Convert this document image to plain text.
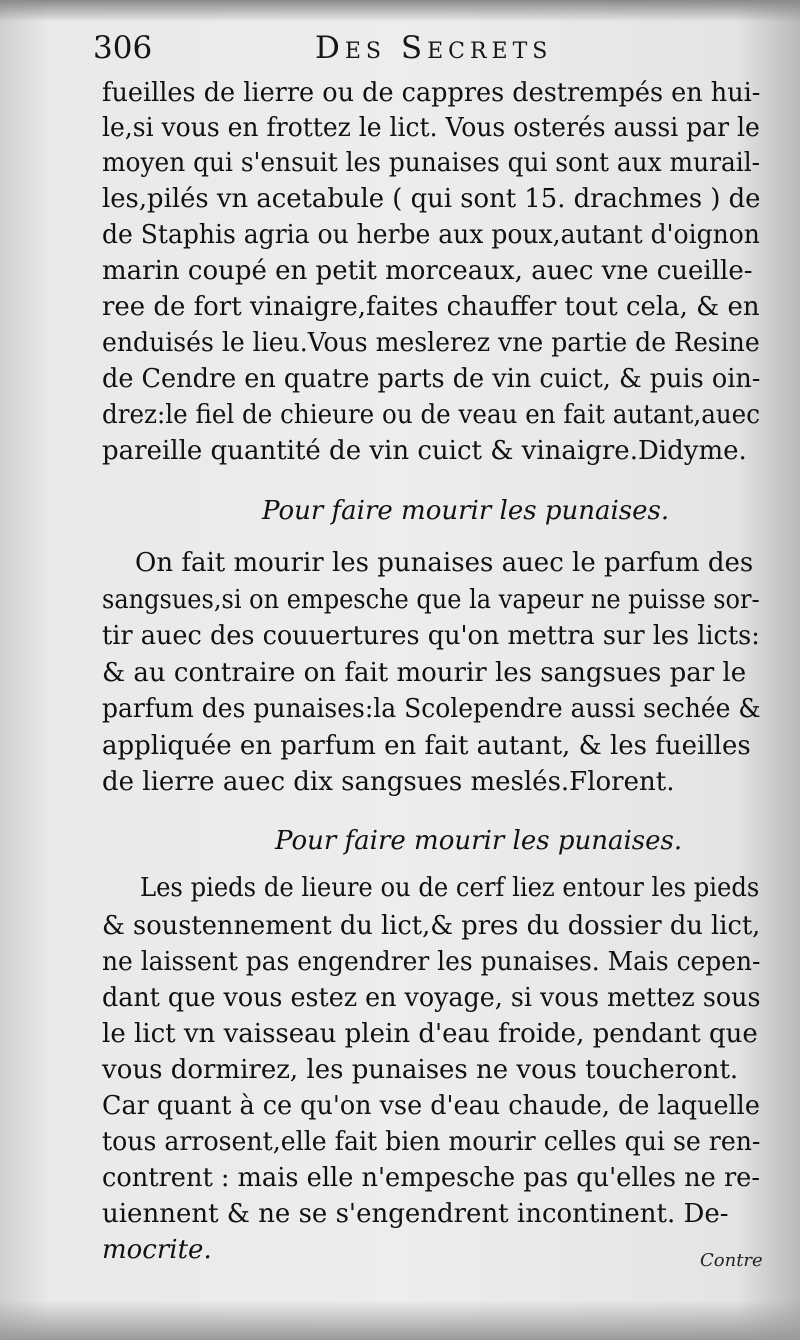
306	Des Secrets
fueilles de lierre ou de cappres destrempés en hui-
le,si vous en frottez le lict. Vous osterés aussi par le
moyen qui s'ensuit les punaises qui sont aux murail-
les,pilés vn acetabule ( qui sont 15. drachmes ) de
de Staphis agria ou herbe aux poux,autant d'oignon
marin coupé en petit morceaux, auec vne cueille-
ree de fort vinaigre,faites chauffer tout cela, & en
enduisés le lieu.Vous meslerez vne partie de Resine
de Cendre en quatre parts de vin cuict, & puis oin-
drez:le fiel de chieure ou de veau en fait autant,auec
pareille quantité de vin cuict & vinaigre.Didyme.
Pour faire mourir les punaises.
On fait mourir les punaises auec le parfum des
sangsues,si on empesche que la vapeur ne puisse sor-
tir auec des couuertures qu'on mettra sur les licts:
& au contraire on fait mourir les sangsues par le
parfum des punaises:la Scolependre aussi sechée &
appliquée en parfum en fait autant, & les fueilles
de lierre auec dix sangsues meslés.Florent.
Pour faire mourir les punaises.
Les pieds de lieure ou de cerf liez entour les pieds
& soustennement du lict,& pres du dossier du lict,
ne laissent pas engendrer les punaises. Mais cepen-
dant que vous estez en voyage, si vous mettez sous
le lict vn vaisseau plein d'eau froide, pendant que
vous dormirez, les punaises ne vous toucheront.
Car quant à ce qu'on vse d'eau chaude, de laquelle
tous arrosent,elle fait bien mourir celles qui se ren-
contrent : mais elle n'empesche pas qu'elles ne re-
uiennent & ne se s'engendrent incontinent. De-
mocrite.	Contre
